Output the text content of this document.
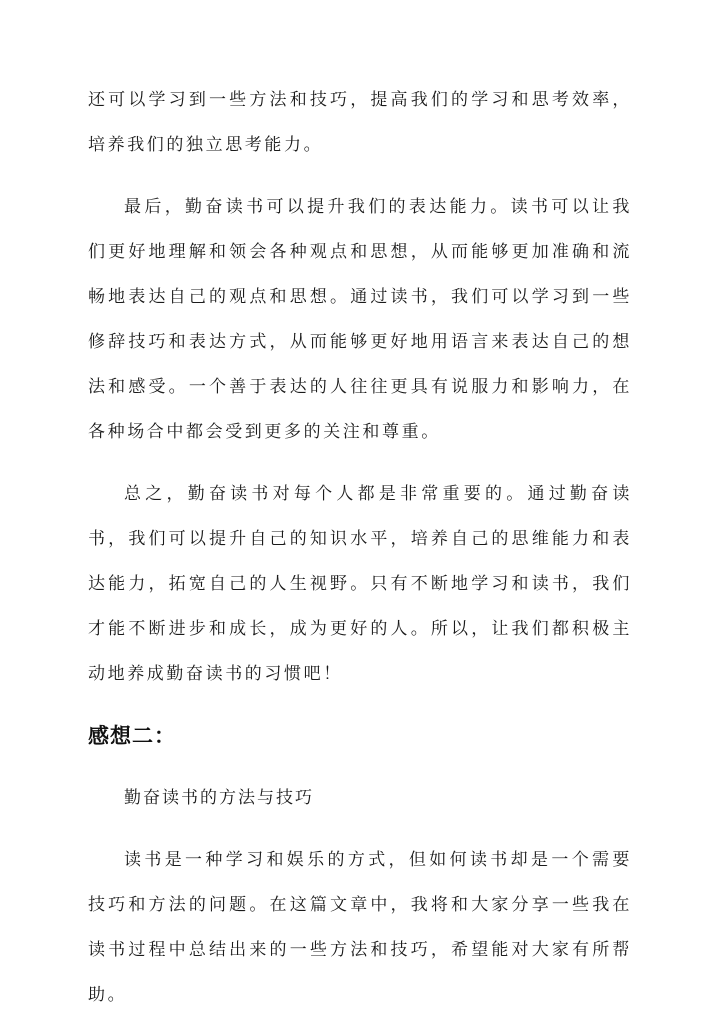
还可以学习到一些方法和技巧，提高我们的学习和思考效率，培养我们的独立思考能力。

最后，勤奋读书可以提升我们的表达能力。读书可以让我们更好地理解和领会各种观点和思想，从而能够更加准确和流畅地表达自己的观点和思想。通过读书，我们可以学习到一些修辞技巧和表达方式，从而能够更好地用语言来表达自己的想法和感受。一个善于表达的人往往更具有说服力和影响力，在各种场合中都会受到更多的关注和尊重。

总之，勤奋读书对每个人都是非常重要的。通过勤奋读书，我们可以提升自己的知识水平，培养自己的思维能力和表达能力，拓宽自己的人生视野。只有不断地学习和读书，我们才能不断进步和成长，成为更好的人。所以，让我们都积极主动地养成勤奋读书的习惯吧！

感想二：

勤奋读书的方法与技巧

读书是一种学习和娱乐的方式，但如何读书却是一个需要技巧和方法的问题。在这篇文章中，我将和大家分享一些我在读书过程中总结出来的一些方法和技巧，希望能对大家有所帮助。
